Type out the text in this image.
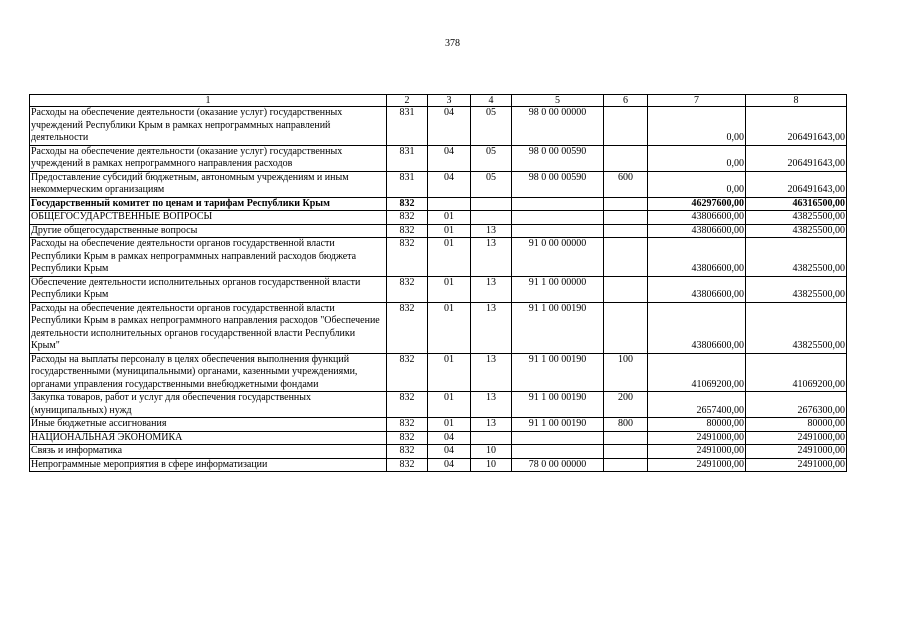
378
1	2	3	4	5	6	7	8
Расходы на обеспечение деятельности (оказание услуг) государственных учреждений Республики Крым в рамках непрограммных направлений деятельности	831	04	05	98 0 00 00000		0,00	206491643,00
Расходы на обеспечение деятельности (оказание услуг) государственных учреждений в рамках непрограммного направления расходов	831	04	05	98 0 00 00590		0,00	206491643,00
Предоставление субсидий бюджетным, автономным учреждениям и иным некоммерческим организациям	831	04	05	98 0 00 00590	600	0,00	206491643,00
Государственный комитет по ценам и тарифам Республики Крым	832					46297600,00	46316500,00
ОБЩЕГОСУДАРСТВЕННЫЕ ВОПРОСЫ	832	01				43806600,00	43825500,00
Другие общегосударственные вопросы	832	01	13			43806600,00	43825500,00
Расходы на обеспечение деятельности органов государственной власти Республики Крым в рамках непрограммных направлений расходов бюджета Республики Крым	832	01	13	91 0 00 00000		43806600,00	43825500,00
Обеспечение деятельности исполнительных органов государственной власти Республики Крым	832	01	13	91 1 00 00000		43806600,00	43825500,00
Расходы на обеспечение деятельности органов государственной власти Республики Крым в рамках непрограммного направления расходов "Обеспечение деятельности исполнительных органов государственной власти Республики Крым"	832	01	13	91 1 00 00190		43806600,00	43825500,00
Расходы на выплаты персоналу в целях обеспечения выполнения функций государственными (муниципальными) органами, казенными учреждениями, органами управления государственными внебюджетными фондами	832	01	13	91 1 00 00190	100	41069200,00	41069200,00
Закупка товаров, работ и услуг для обеспечения государственных (муниципальных) нужд	832	01	13	91 1 00 00190	200	2657400,00	2676300,00
Иные бюджетные ассигнования	832	01	13	91 1 00 00190	800	80000,00	80000,00
НАЦИОНАЛЬНАЯ ЭКОНОМИКА	832	04				2491000,00	2491000,00
Связь и информатика	832	04	10			2491000,00	2491000,00
Непрограммные мероприятия в сфере информатизации	832	04	10	78 0 00 00000		2491000,00	2491000,00
